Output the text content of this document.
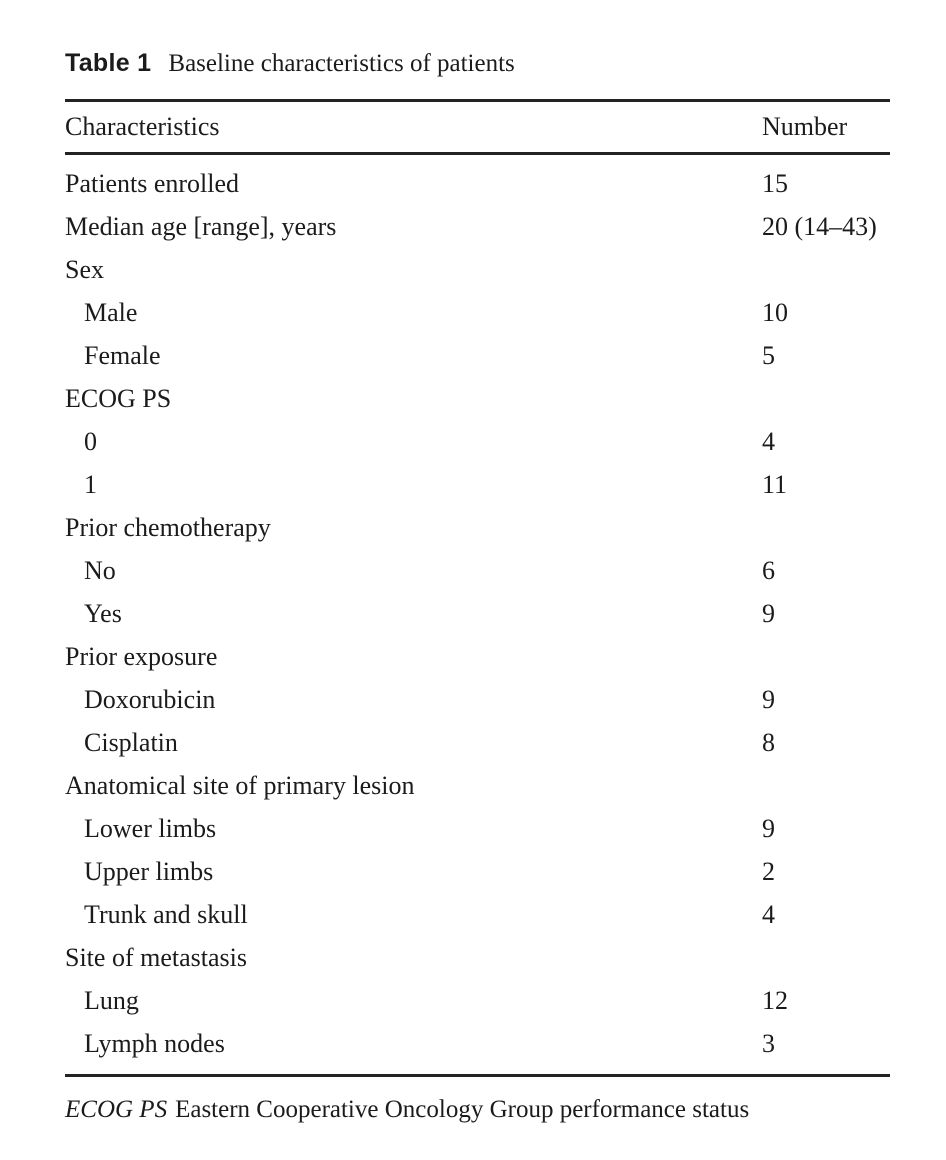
Table 1 Baseline characteristics of patients
Characteristics	Number
Patients enrolled	15
Median age [range], years	20 (14–43)
Sex
Male	10
Female	5
ECOG PS
0	4
1	11
Prior chemotherapy
No	6
Yes	9
Prior exposure
Doxorubicin	9
Cisplatin	8
Anatomical site of primary lesion
Lower limbs	9
Upper limbs	2
Trunk and skull	4
Site of metastasis
Lung	12
Lymph nodes	3
ECOG PS Eastern Cooperative Oncology Group performance status
